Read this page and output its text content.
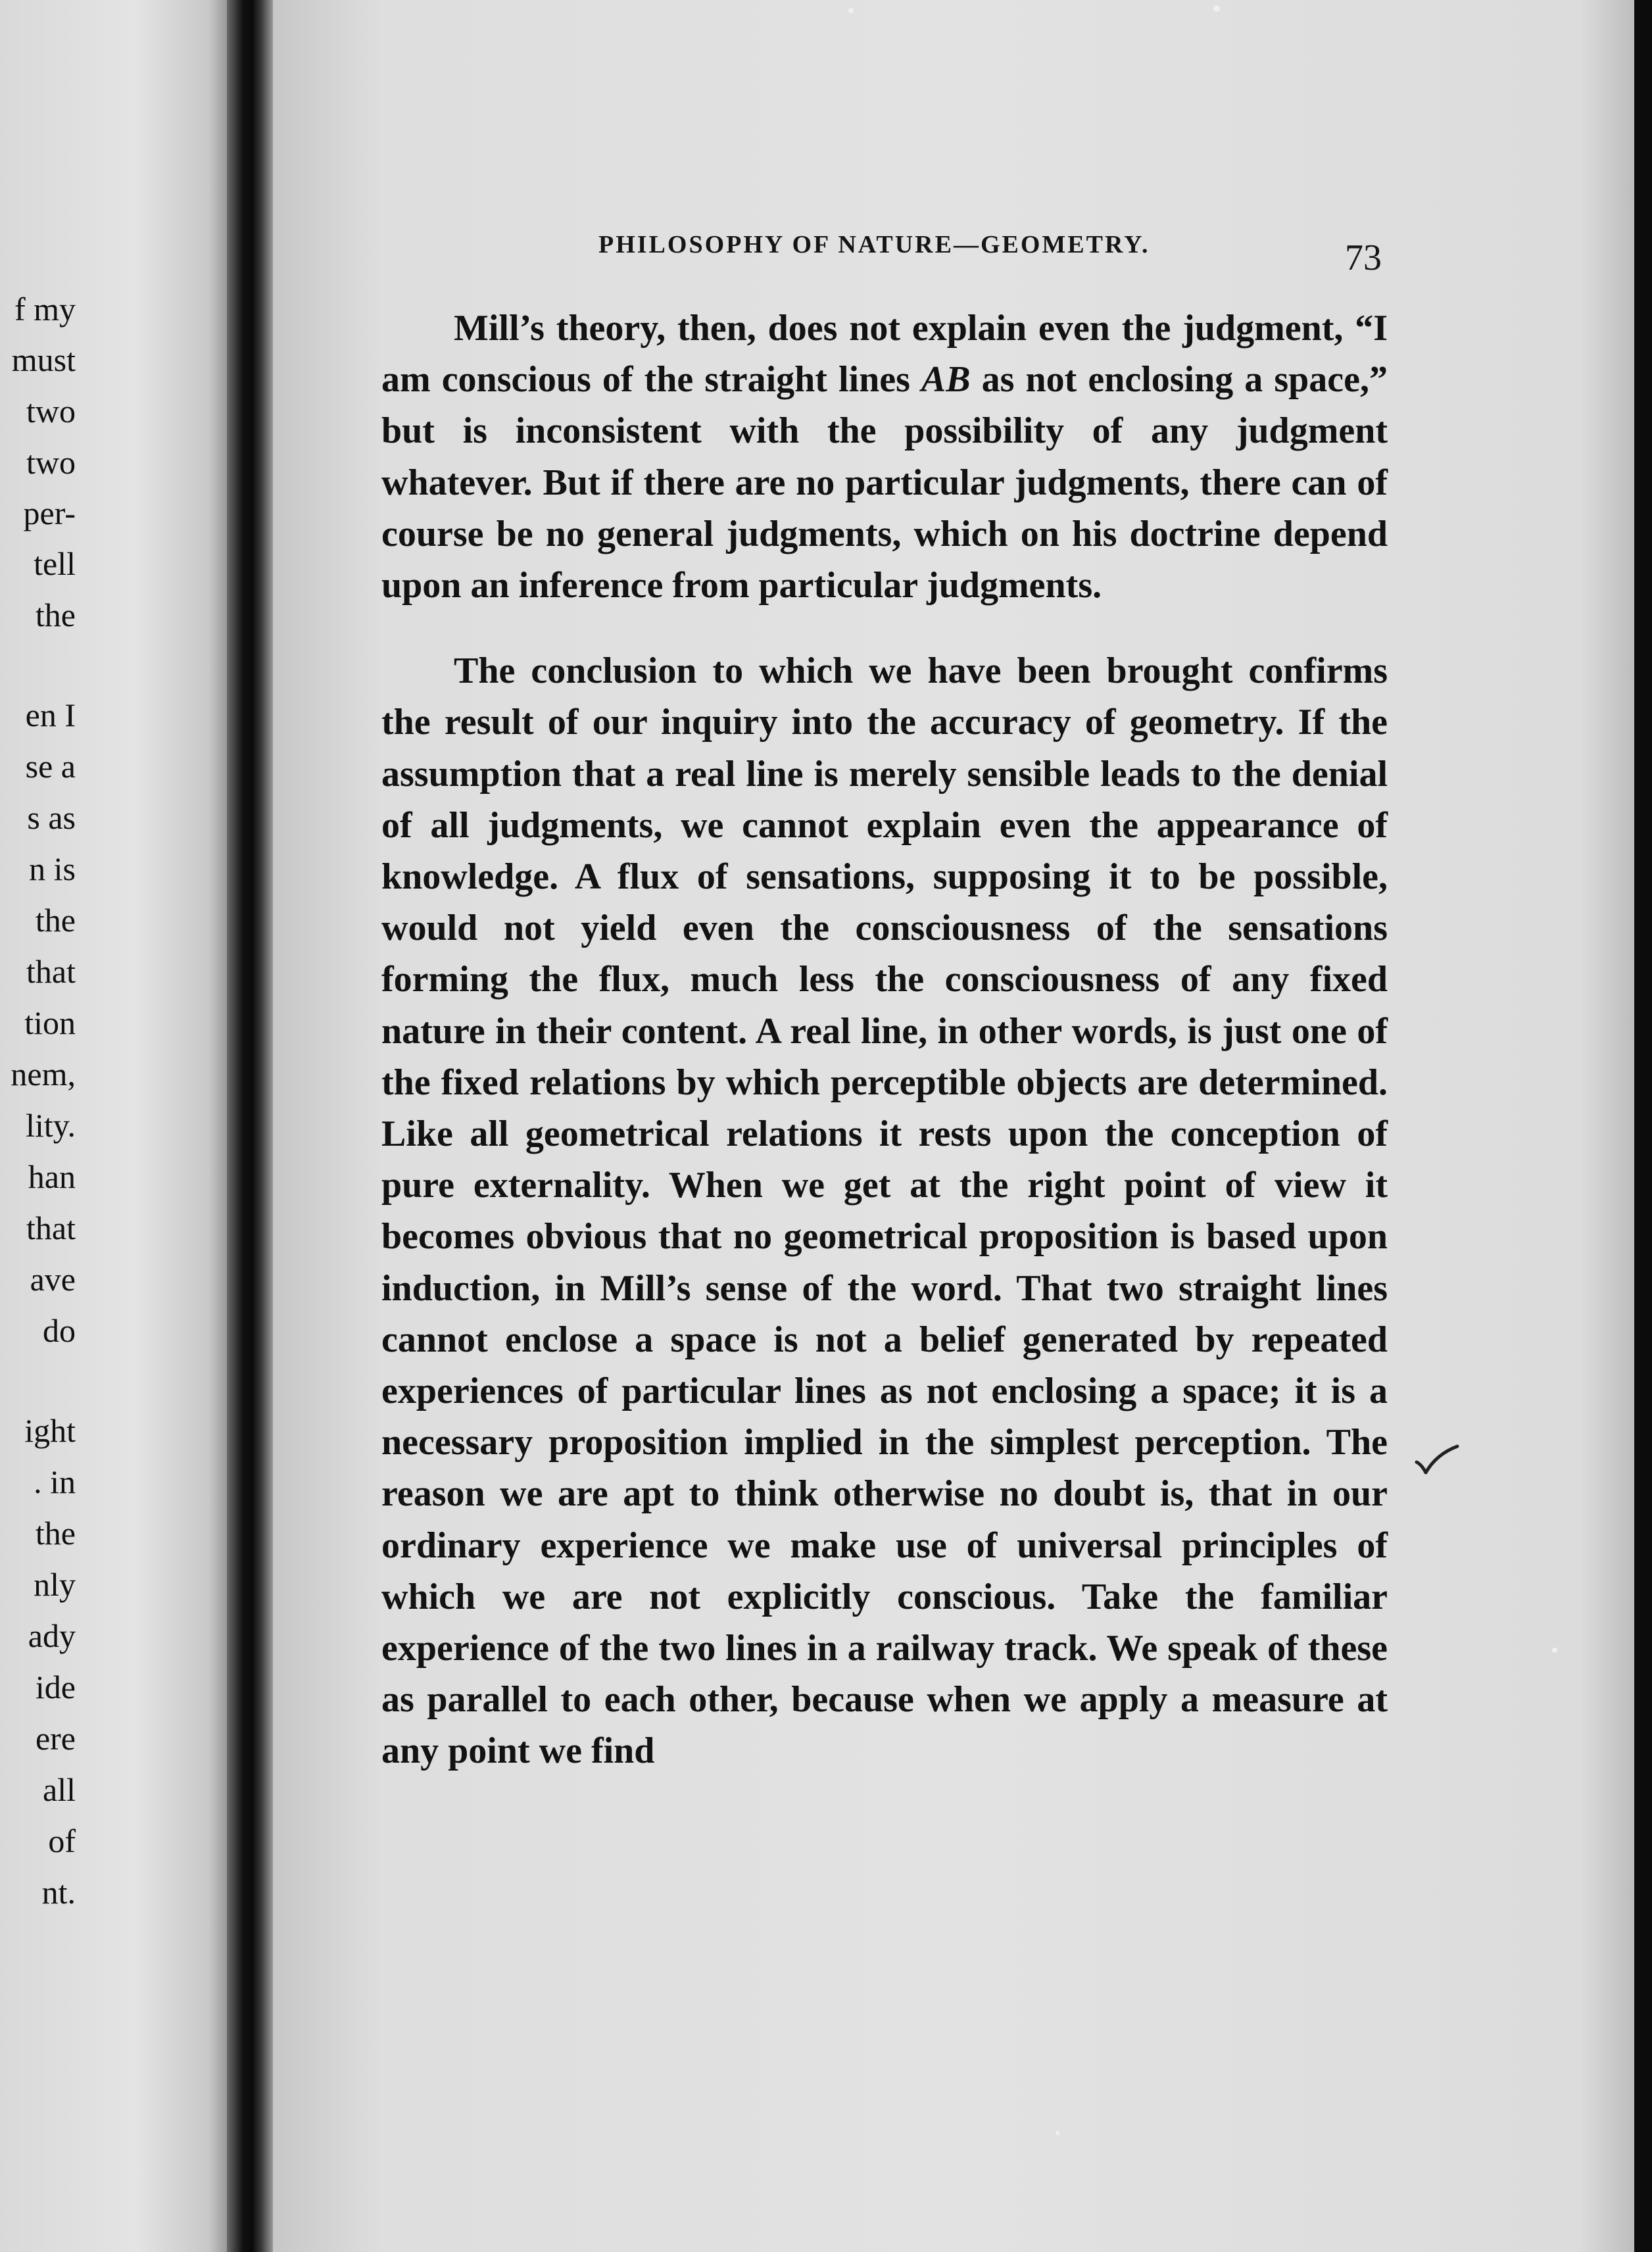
f my
must
two
two
per-
tell
the
en I
se a
s as
n is
the
that
tion
nem,
lity.
han
that
ave
do
ight
. in
the
nly
ady
ide
ere
all
of
nt.
PHILOSOPHY OF NATURE—GEOMETRY.	73

Mill’s theory, then, does not explain even the judgment, “I am conscious of the straight lines AB as not enclosing a space,” but is inconsistent with the possibility of any judgment whatever. But if there are no particular judgments, there can of course be no general judgments, which on his doctrine depend upon an inference from particular judgments.

The conclusion to which we have been brought confirms the result of our inquiry into the accuracy of geometry. If the assumption that a real line is merely sensible leads to the denial of all judgments, we cannot explain even the appearance of knowledge. A flux of sensations, supposing it to be possible, would not yield even the consciousness of the sensations forming the flux, much less the consciousness of any fixed nature in their content. A real line, in other words, is just one of the fixed relations by which perceptible objects are determined. Like all geometrical relations it rests upon the conception of pure externality. When we get at the right point of view it becomes obvious that no geometrical proposition is based upon induction, in Mill’s sense of the word. That two straight lines cannot enclose a space is not a belief generated by repeated experiences of particular lines as not enclosing a space; it is a necessary proposition implied in the simplest perception. The reason we are apt to think otherwise no doubt is, that in our ordinary experience we make use of universal principles of which we are not explicitly conscious. Take the familiar experience of the two lines in a railway track. We speak of these as parallel to each other, because when we apply a measure at any point we find
